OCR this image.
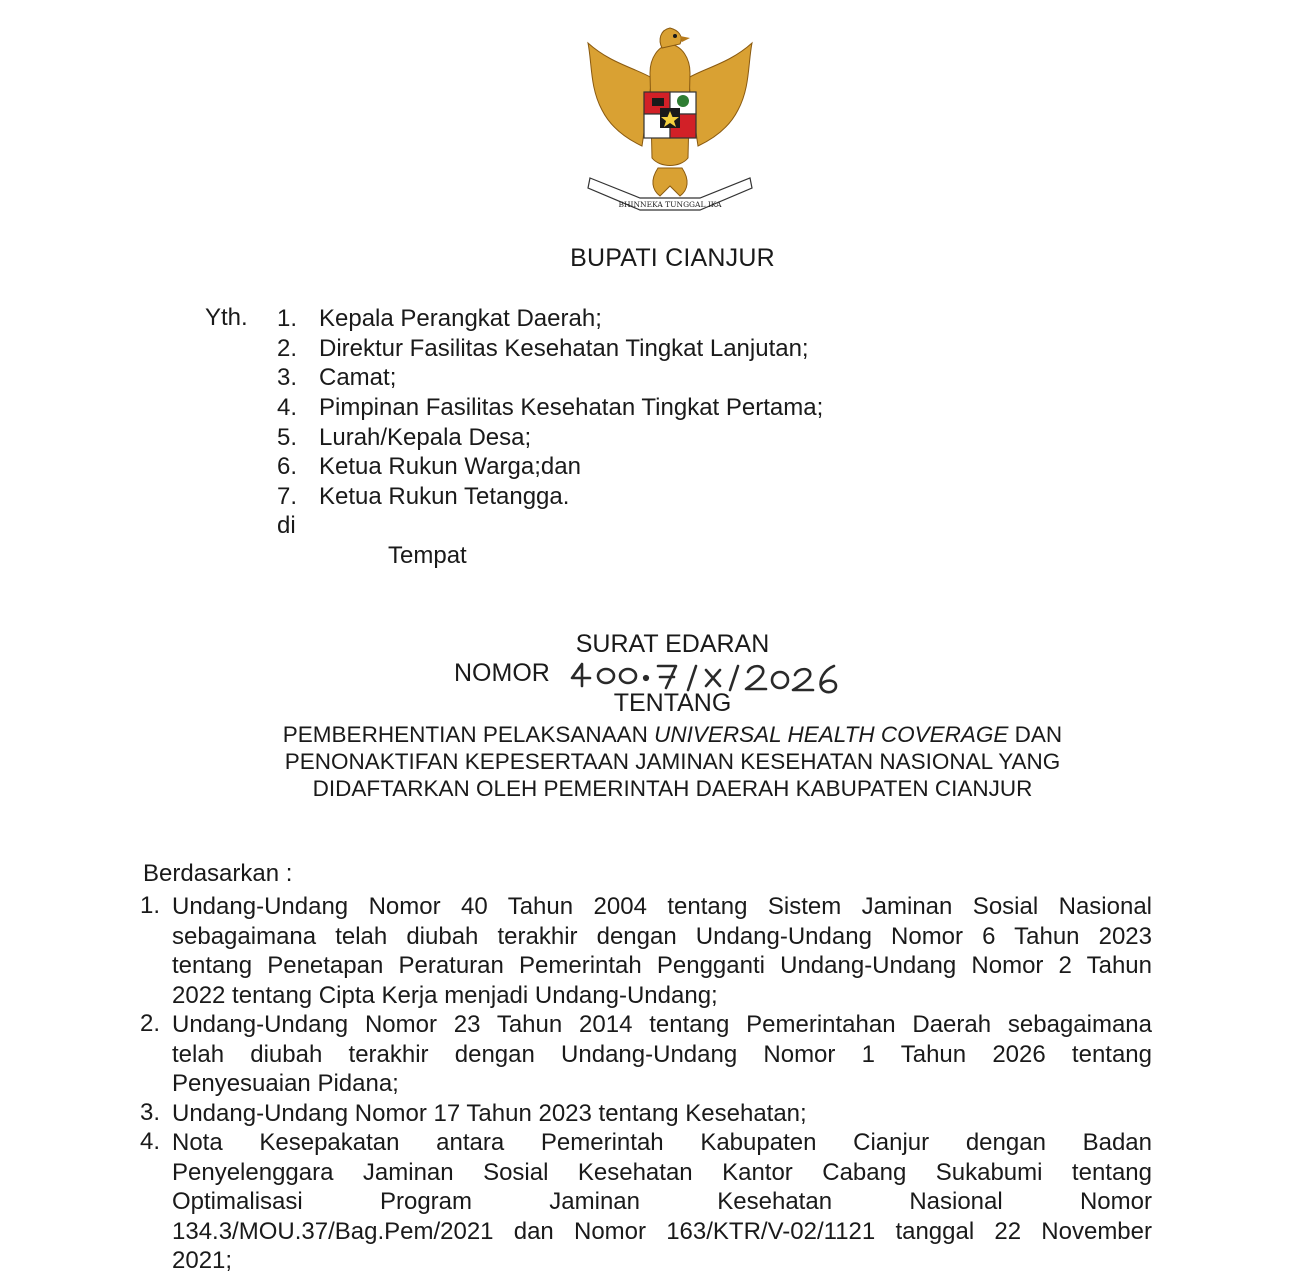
BHINNEKA TUNGGAL IKA
BUPATI CIANJUR
Yth. 1. Kepala Perangkat Daerah;
2. Direktur Fasilitas Kesehatan Tingkat Lanjutan;
3. Camat;
4. Pimpinan Fasilitas Kesehatan Tingkat Pertama;
5. Lurah/Kepala Desa;
6. Ketua Rukun Warga;dan
7. Ketua Rukun Tetangga.
di
Tempat
SURAT EDARAN
NOMOR
TENTANG

PEMBERHENTIAN PELAKSANAAN UNIVERSAL HEALTH COVERAGE DAN

PENONAKTIFAN KEPESERTAAN JAMINAN KESEHATAN NASIONAL YANG

DIDAFTARKAN OLEH PEMERINTAH DAERAH KABUPATEN CIANJUR

Berdasarkan :
1. Undang-Undang Nomor 40 Tahun 2004 tentang Sistem Jaminan Sosial Nasional
sebagaimana telah diubah terakhir dengan Undang-Undang Nomor 6 Tahun 2023
tentang Penetapan Peraturan Pemerintah Pengganti Undang-Undang Nomor 2 Tahun
2022 tentang Cipta Kerja menjadi Undang-Undang;
2. Undang-Undang Nomor 23 Tahun 2014 tentang Pemerintahan Daerah sebagaimana
telah diubah terakhir dengan Undang-Undang Nomor 1 Tahun 2026 tentang
Penyesuaian Pidana;
3. Undang-Undang Nomor 17 Tahun 2023 tentang Kesehatan;
4. Nota Kesepakatan antara Pemerintah Kabupaten Cianjur dengan Badan
Penyelenggara Jaminan Sosial Kesehatan Kantor Cabang Sukabumi tentang
Optimalisasi Program Jaminan Kesehatan Nasional Nomor
134.3/MOU.37/Bag.Pem/2021 dan Nomor 163/KTR/V-02/1121 tanggal 22 November
2021;
